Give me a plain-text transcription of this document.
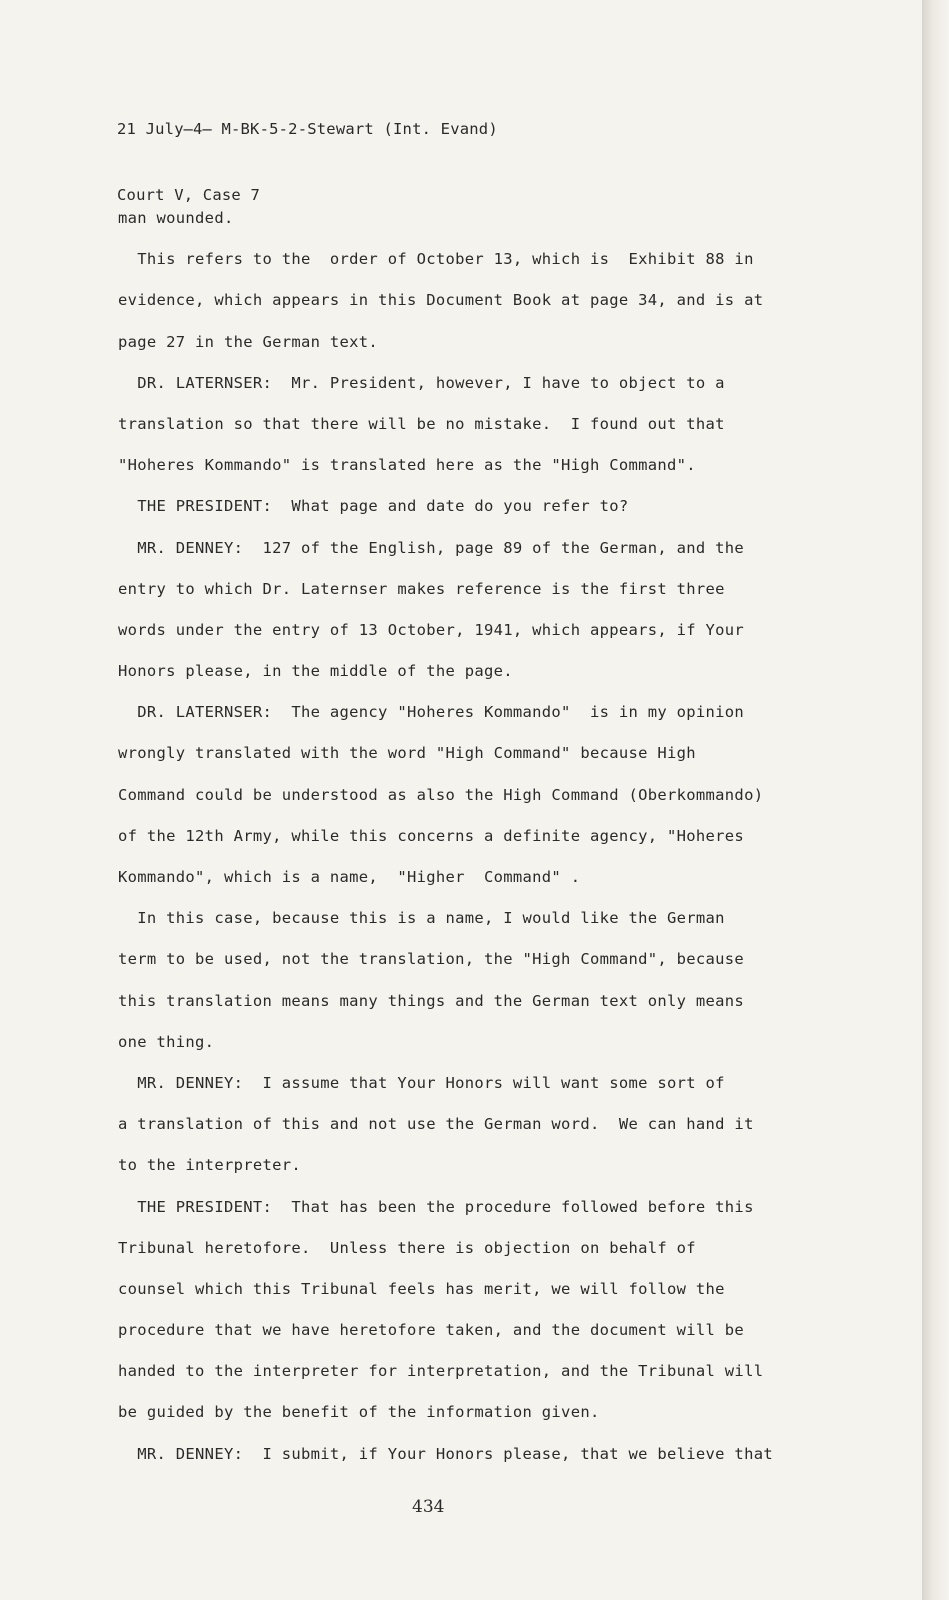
21 July̶4̶ M-BK-5-2-Stewart (Int. Evand)

Court V, Case 7

man wounded.
This refers to the  order of October 13, which is  Exhibit 88 in
evidence, which appears in this Document Book at page 34, and is at
page 27 in the German text.
DR. LATERNSER:  Mr. President, however, I have to object to a
translation so that there will be no mistake.  I found out that
"Hoheres Kommando" is translated here as the "High Command".
THE PRESIDENT:  What page and date do you refer to?
MR. DENNEY:  127 of the English, page 89 of the German, and the
entry to which Dr. Laternser makes reference is the first three
words under the entry of 13 October, 1941, which appears, if Your
Honors please, in the middle of the page.
DR. LATERNSER:  The agency "Hoheres Kommando"  is in my opinion
wrongly translated with the word "High Command" because High
Command could be understood as also the High Command (Oberkommando)
of the 12th Army, while this concerns a definite agency, "Hoheres
Kommando", which is a name,  "Higher  Command" .
In this case, because this is a name, I would like the German
term to be used, not the translation, the "High Command", because
this translation means many things and the German text only means
one thing.
MR. DENNEY:  I assume that Your Honors will want some sort of
a translation of this and not use the German word.  We can hand it
to the interpreter.
THE PRESIDENT:  That has been the procedure followed before this
Tribunal heretofore.  Unless there is objection on behalf of
counsel which this Tribunal feels has merit, we will follow the
procedure that we have heretofore taken, and the document will be
handed to the interpreter for interpretation, and the Tribunal will
be guided by the benefit of the information given.
MR. DENNEY:  I submit, if Your Honors please, that we believe that
434
